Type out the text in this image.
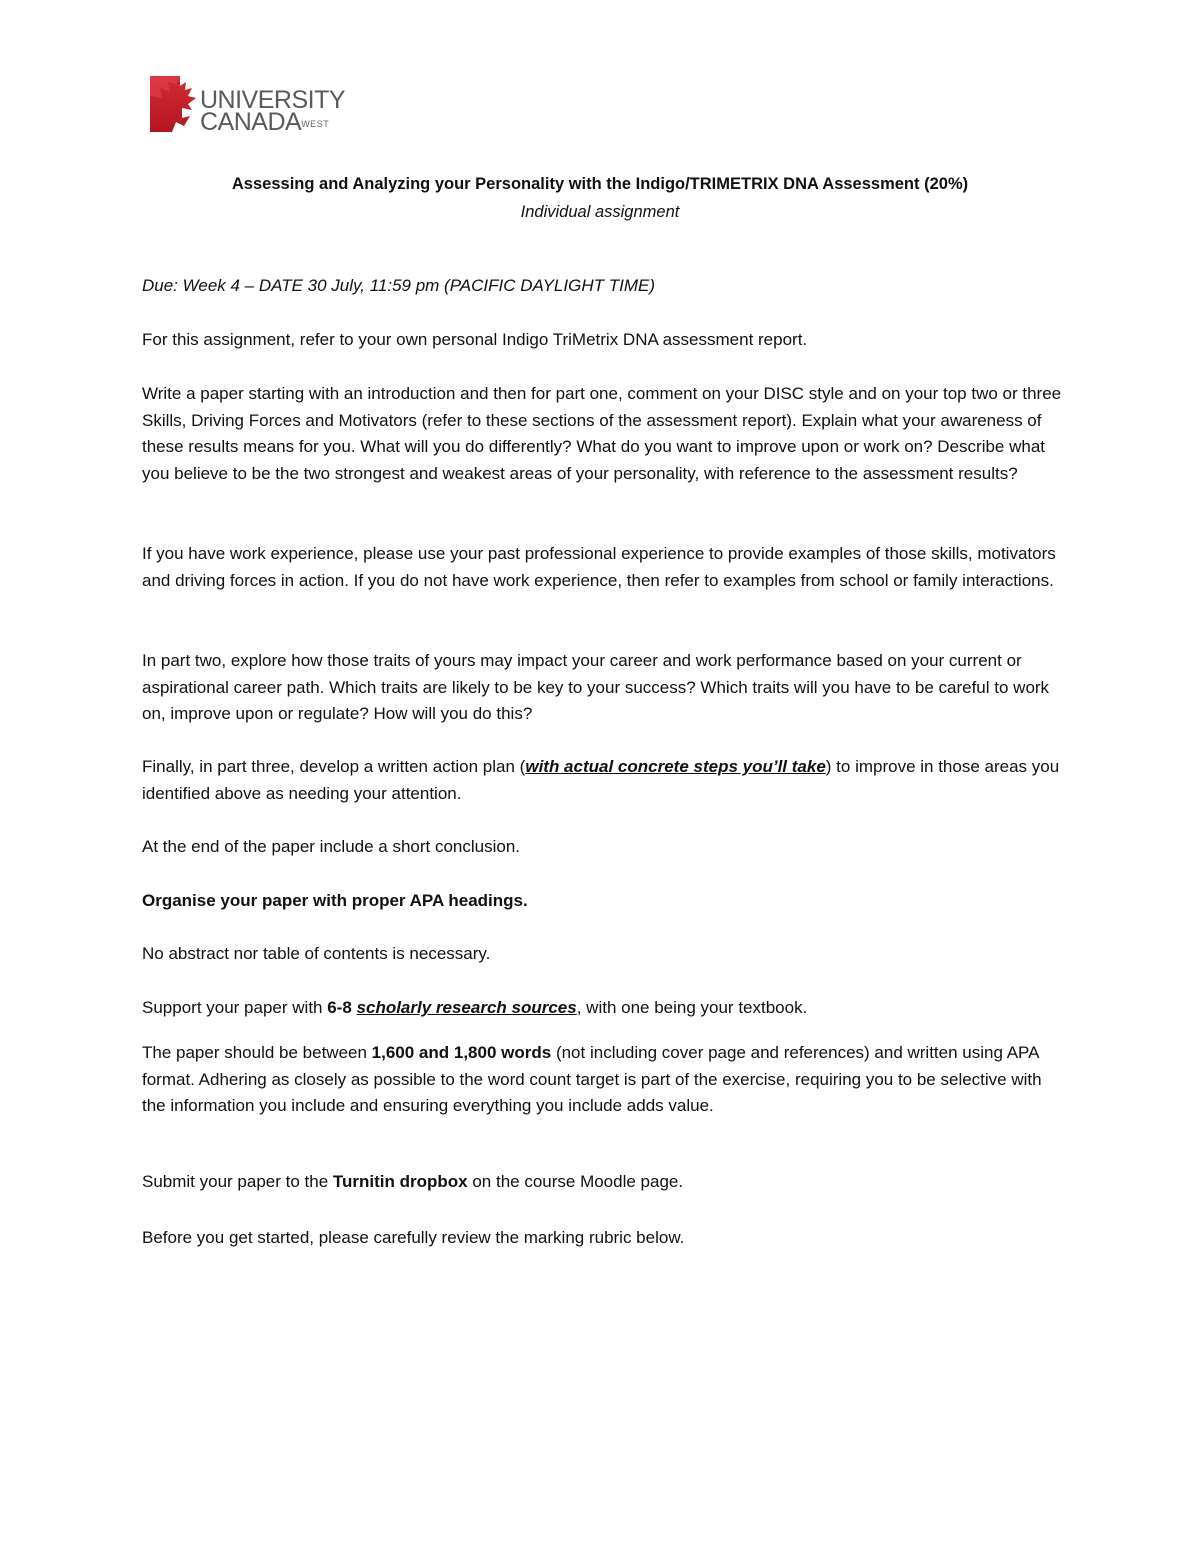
UNIVERSITY
$CANADA^{WEST}$
Assessing and Analyzing your Personality with the Indigo/TRIMETRIX DNA Assessment (20%)
Individual assignment

Due: Week 4 – DATE 30 July, 11:59 pm (PACIFIC DAYLIGHT TIME)

For this assignment, refer to your own personal Indigo TriMetrix DNA assessment report.

Write a paper starting with an introduction and then for part one, comment on your DISC style and on your top two or three Skills, Driving Forces and Motivators (refer to these sections of the assessment report). Explain what your awareness of these results means for you. What will you do differently? What do you want to improve upon or work on? Describe what you believe to be the two strongest and weakest areas of your personality, with reference to the assessment results?

If you have work experience, please use your past professional experience to provide examples of those skills, motivators and driving forces in action. If you do not have work experience, then refer to examples from school or family interactions.

In part two, explore how those traits of yours may impact your career and work performance based on your current or aspirational career path. Which traits are likely to be key to your success? Which traits will you have to be careful to work on, improve upon or regulate? How will you do this?

Finally, in part three, develop a written action plan (with actual concrete steps you’ll take) to improve in those areas you identified above as needing your attention.

At the end of the paper include a short conclusion.

Organise your paper with proper APA headings.

No abstract nor table of contents is necessary.

Support your paper with 6-8 scholarly research sources, with one being your textbook.

The paper should be between 1,600 and 1,800 words (not including cover page and references) and written using APA format. Adhering as closely as possible to the word count target is part of the exercise, requiring you to be selective with the information you include and ensuring everything you include adds value.

Submit your paper to the Turnitin dropbox on the course Moodle page.

Before you get started, please carefully review the marking rubric below.
